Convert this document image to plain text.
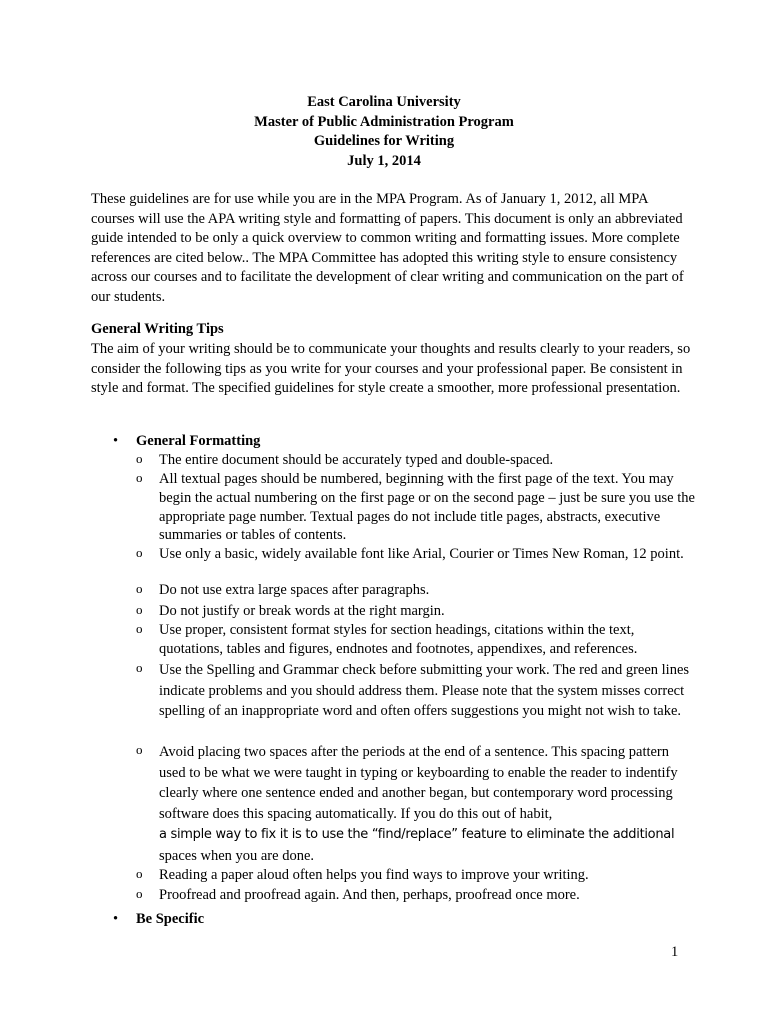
East Carolina University
Master of Public Administration Program
Guidelines for Writing
July 1, 2014

These guidelines are for use while you are in the MPA Program. As of January 1, 2012, all MPA courses will use the APA writing style and formatting of papers. This document is only an abbreviated guide intended to be only a quick overview to common writing and formatting issues. More complete references are cited below.. The MPA Committee has adopted this writing style to ensure consistency across our courses and to facilitate the development of clear writing and communication on the part of our students.

General Writing Tips

The aim of your writing should be to communicate your thoughts and results clearly to your readers, so consider the following tips as you write for your courses and your professional paper. Be consistent in style and format. The specified guidelines for style create a smoother, more professional presentation.

• General Formatting
o The entire document should be accurately typed and double-spaced.
o All textual pages should be numbered, beginning with the first page of the text. You may begin the actual numbering on the first page or on the second page – just be sure you use the appropriate page number. Textual pages do not include title pages, abstracts, executive summaries or tables of contents.
o Use only a basic, widely available font like Arial, Courier or Times New Roman, 12 point.
o Do not use extra large spaces after paragraphs.
o Do not justify or break words at the right margin.
o Use proper, consistent format styles for section headings, citations within the text, quotations, tables and figures, endnotes and footnotes, appendixes, and references.
o Use the Spelling and Grammar check before submitting your work. The red and green lines indicate problems and you should address them. Please note that the system misses correct spelling of an inappropriate word and often offers suggestions you might not wish to take.
o Avoid placing two spaces after the periods at the end of a sentence. This spacing pattern used to be what we were taught in typing or keyboarding to enable the reader to indentify clearly where one sentence ended and another began, but contemporary word processing software does this spacing automatically. If you do this out of habit,
a simple way to fix it is to use the “find/replace” feature to eliminate the additional
spaces when you are done.
o Reading a paper aloud often helps you find ways to improve your writing.
o Proofread and proofread again. And then, perhaps, proofread once more.
• Be Specific
1
